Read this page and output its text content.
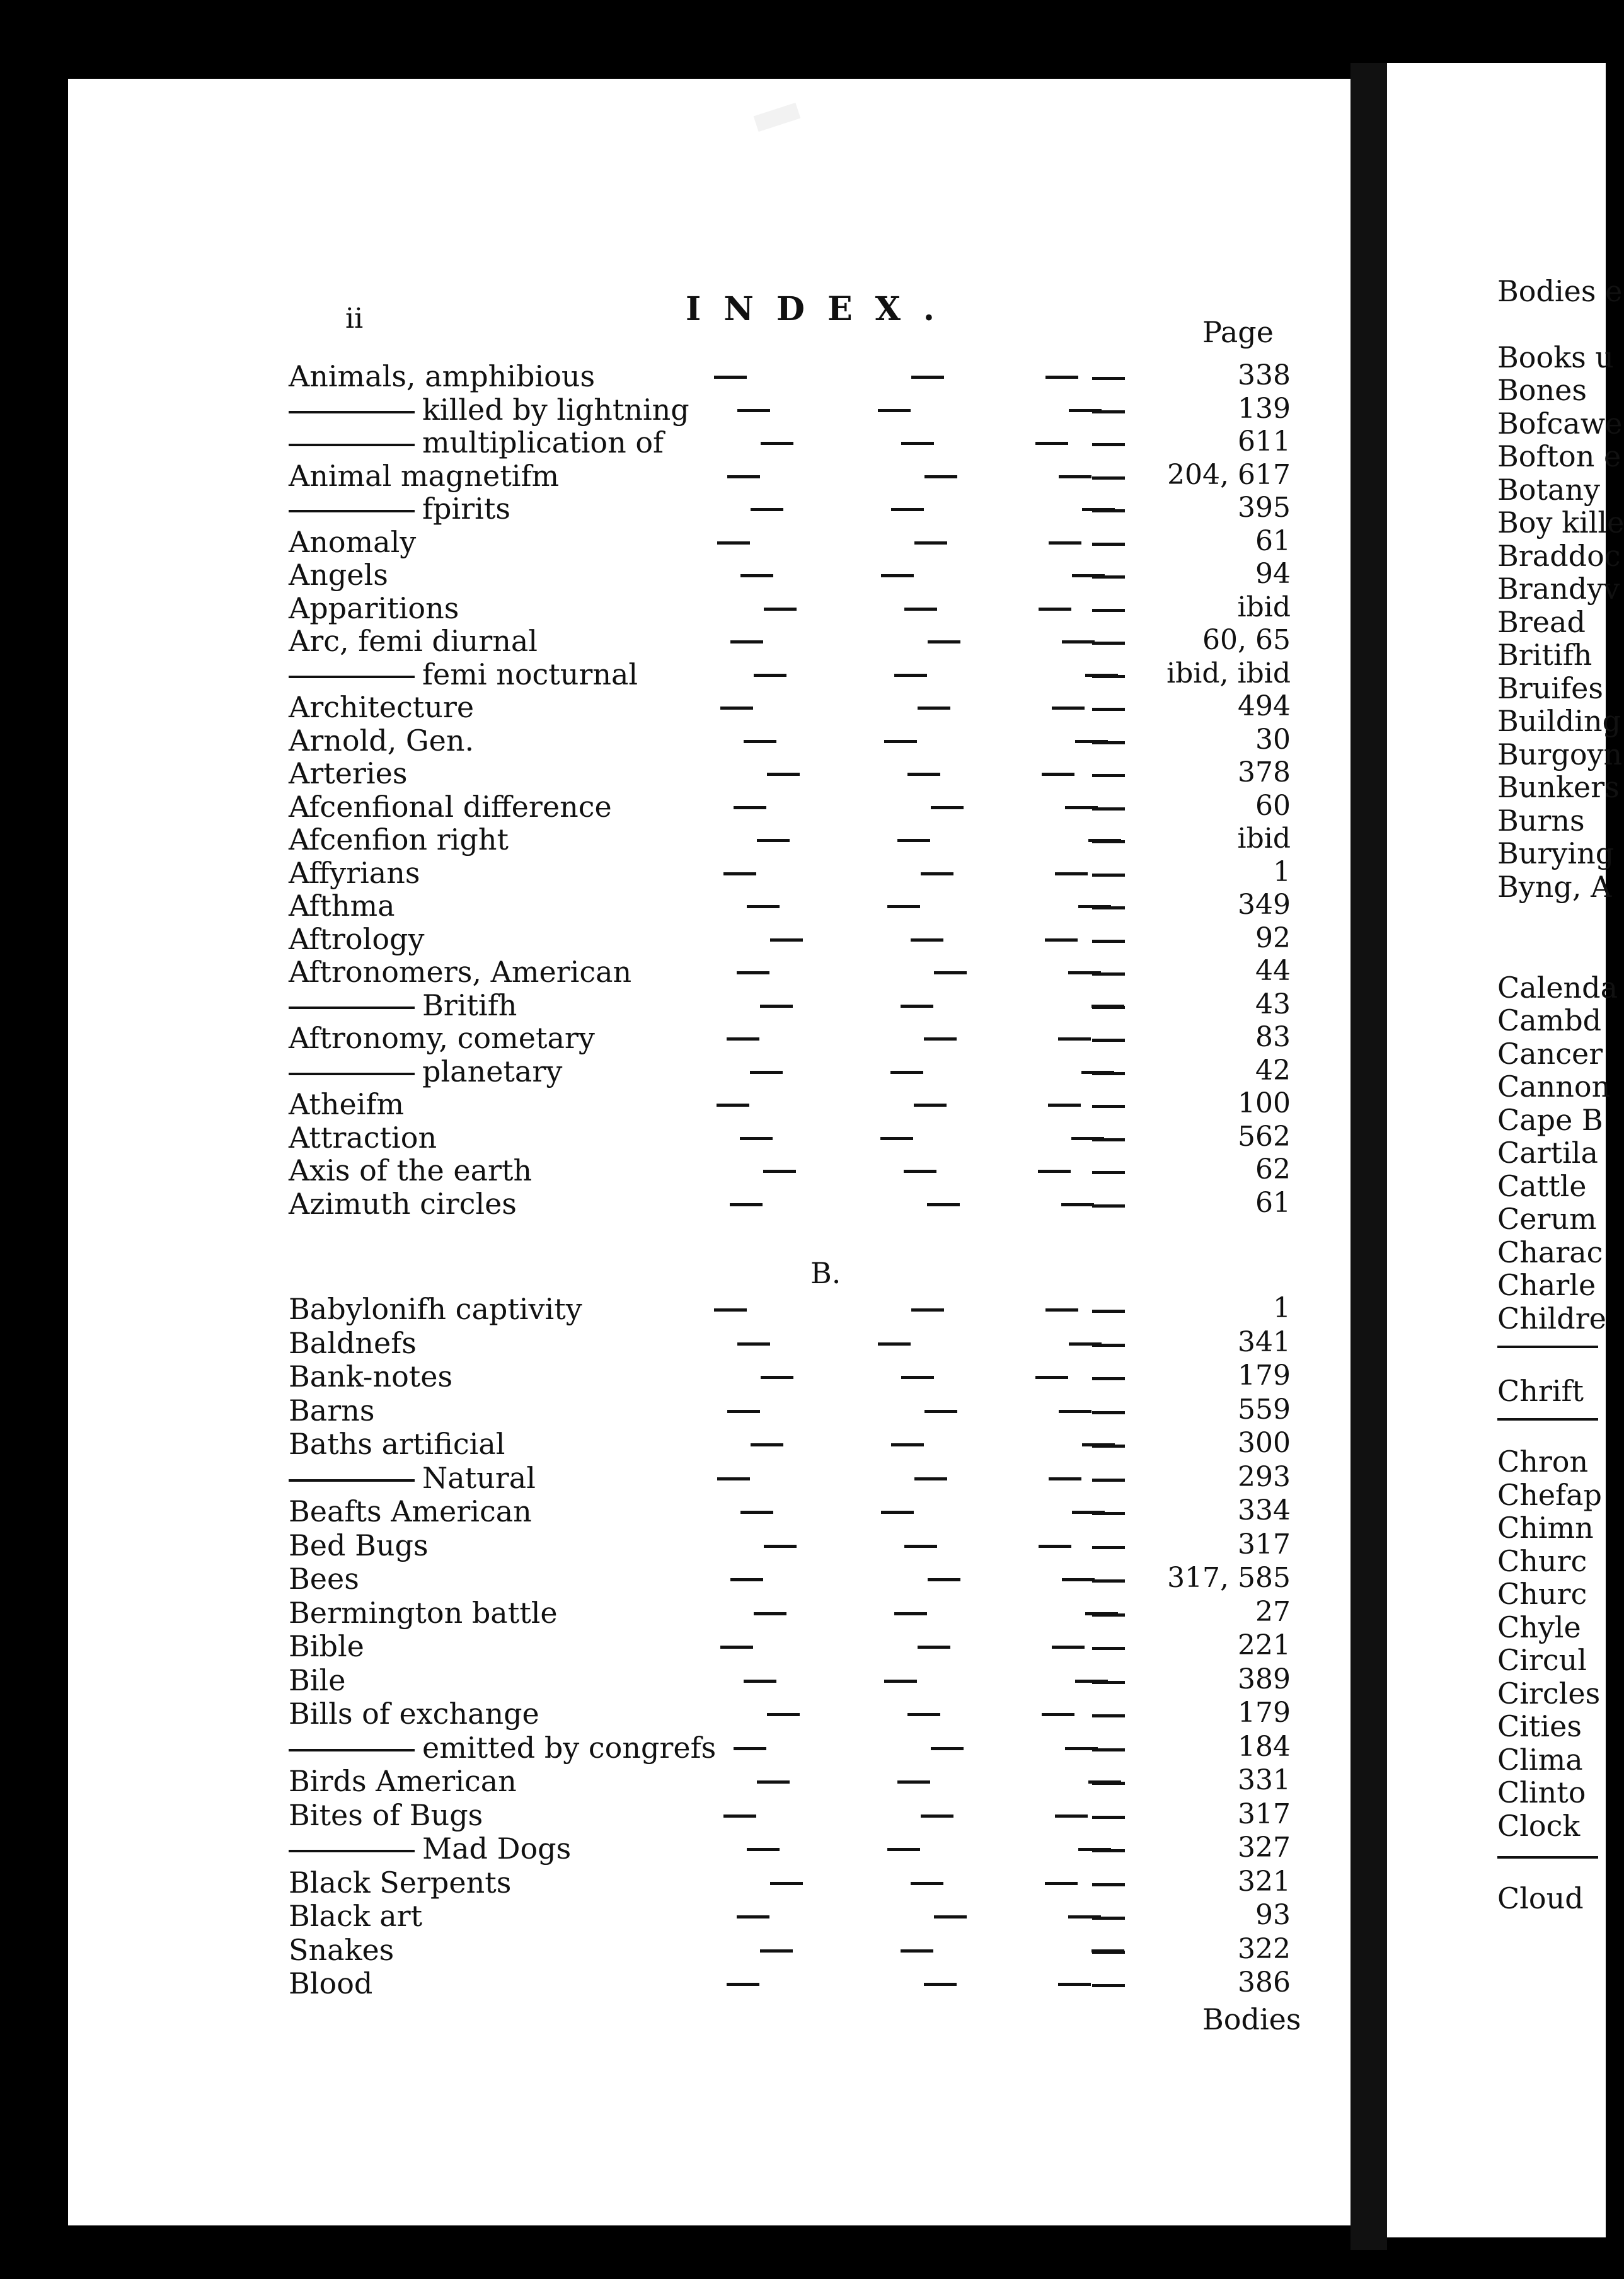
ii	INDEX.
Page
Animals, amphibious	338
killed by lightning	139
multiplication of	611
Animal magnetifm	204, 617
fpirits	395
Anomaly	61
Angels	94
Apparitions	ibid
Arc, femi diurnal	60, 65
femi nocturnal	ibid, ibid
Architecture	494
Arnold, Gen.	30
Arteries	378
Afcenfional difference	60
Afcenfion right	ibid
Affyrians	1
Afthma	349
Aftrology	92
Aftronomers, American	44
Britifh	43
Aftronomy, cometary	83
planetary	42
Atheifm	100
Attraction	562
Axis of the earth	62
Azimuth circles	61
B.
Babylonifh captivity	1
Baldnefs	341
Bank-notes	179
Barns	559
Baths artificial	300
Natural	293
Beafts American	334
Bed Bugs	317
Bees	317, 585
Bermington battle	27
Bible	221
Bile	389
Bills of exchange	179
emitted by congrefs	184
Birds American	331
Bites of Bugs	317
Mad Dogs	327
Black Serpents	321
Black art	93
Snakes	322
Blood	386
Bodies
Bodies e
Books u
Bones
Bofcawe
Bofton e
Botany
Boy kille
Braddoc
Brandyv
Bread
Britifh
Bruifes
Building
Burgoyn
Bunkers
Burns
Burying
Byng, A
Calenda
Cambd
Cancer
Cannon
Cape B
Cartila
Cattle
Cerum
Charac
Charle
Childre
Chrift
Chron
Chefap
Chimn
Churc
Churc
Chyle
Circul
Circles
Cities
Clima
Clinto
Clock
Cloud
